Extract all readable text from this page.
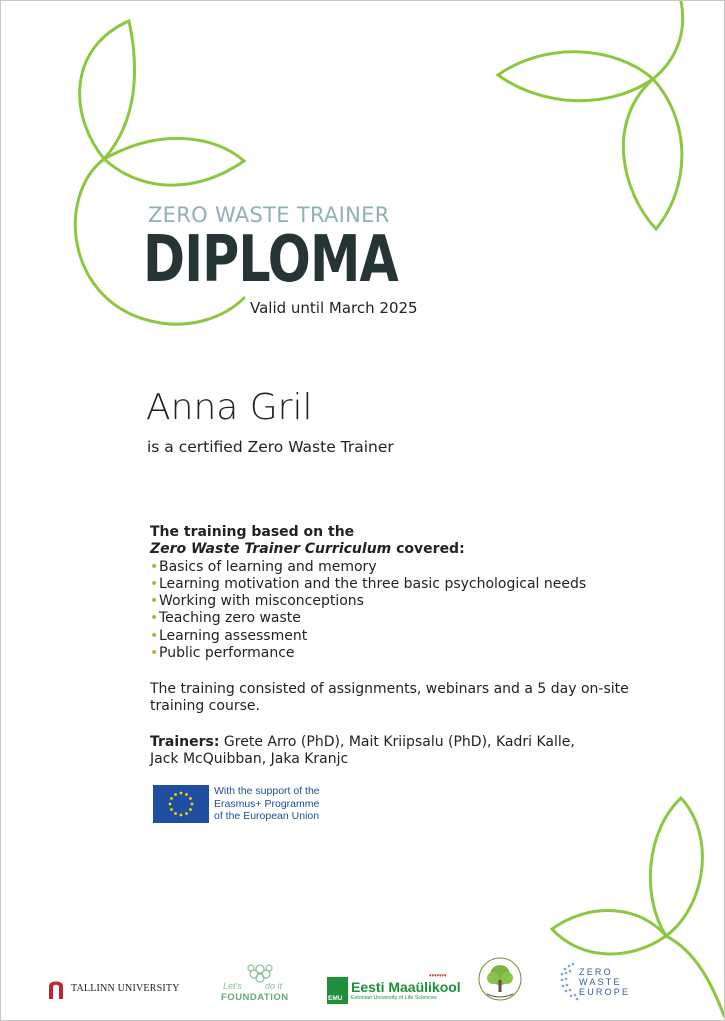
ZERO WASTE TRAINER
DIPLOMA
Valid until March 2025
Anna Gril
is a certified Zero Waste Trainer
The training based on the
Zero Waste Trainer Curriculum covered:
• Basics of learning and memory
• Learning motivation and the three basic psychological needs
• Working with misconceptions
• Teaching zero waste
• Learning assessment
• Public performance
The training consisted of assignments, webinars and a 5 day on-site training course.
Trainers: Grete Arro (PhD), Mait Kriipsalu (PhD), Kadri Kalle,
Jack McQuibban, Jaka Kranjc
With the support of the
Erasmus+ Programme
of the European Union
TALLINN UNIVERSITY	Let's	do it
FOUNDATION	EMU
▾▾▾▾▾▾▾
Eesti Maaülikool
Estonian University of Life Sciences
ZERO
WASTE
EUROPE
